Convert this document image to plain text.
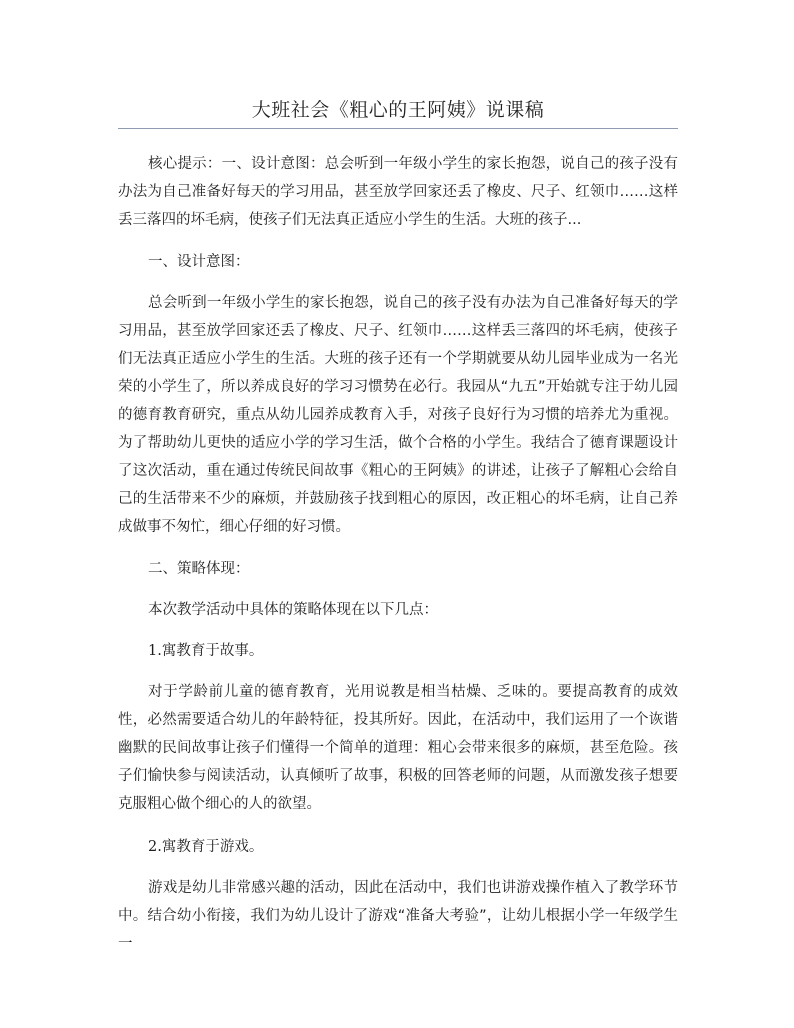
大班社会《粗心的王阿姨》说课稿

核心提示：一、设计意图：总会听到一年级小学生的家长抱怨，说自己的孩子没有办法为自己准备好每天的学习用品，甚至放学回家还丢了橡皮、尺子、红领巾……这样丢三落四的坏毛病，使孩子们无法真正适应小学生的生活。大班的孩子...

一、设计意图：

总会听到一年级小学生的家长抱怨，说自己的孩子没有办法为自己准备好每天的学习用品，甚至放学回家还丢了橡皮、尺子、红领巾……这样丢三落四的坏毛病，使孩子们无法真正适应小学生的生活。大班的孩子还有一个学期就要从幼儿园毕业成为一名光荣的小学生了，所以养成良好的学习习惯势在必行。我园从“九五”开始就专注于幼儿园的德育教育研究，重点从幼儿园养成教育入手，对孩子良好行为习惯的培养尤为重视。为了帮助幼儿更快的适应小学的学习生活，做个合格的小学生。我结合了德育课题设计了这次活动，重在通过传统民间故事《粗心的王阿姨》的讲述，让孩子了解粗心会给自己的生活带来不少的麻烦，并鼓励孩子找到粗心的原因，改正粗心的坏毛病，让自己养成做事不匆忙，细心仔细的好习惯。

二、策略体现：

本次教学活动中具体的策略体现在以下几点：

1.寓教育于故事。

对于学龄前儿童的德育教育，光用说教是相当枯燥、乏味的。要提高教育的成效性，必然需要适合幼儿的年龄特征，投其所好。因此，在活动中，我们运用了一个诙谐幽默的民间故事让孩子们懂得一个简单的道理：粗心会带来很多的麻烦，甚至危险。孩子们愉快参与阅读活动，认真倾听了故事，积极的回答老师的问题，从而激发孩子想要克服粗心做个细心的人的欲望。

2.寓教育于游戏。

游戏是幼儿非常感兴趣的活动，因此在活动中，我们也讲游戏操作植入了教学环节中。结合幼小衔接，我们为幼儿设计了游戏“准备大考验”，让幼儿根据小学一年级学生一
